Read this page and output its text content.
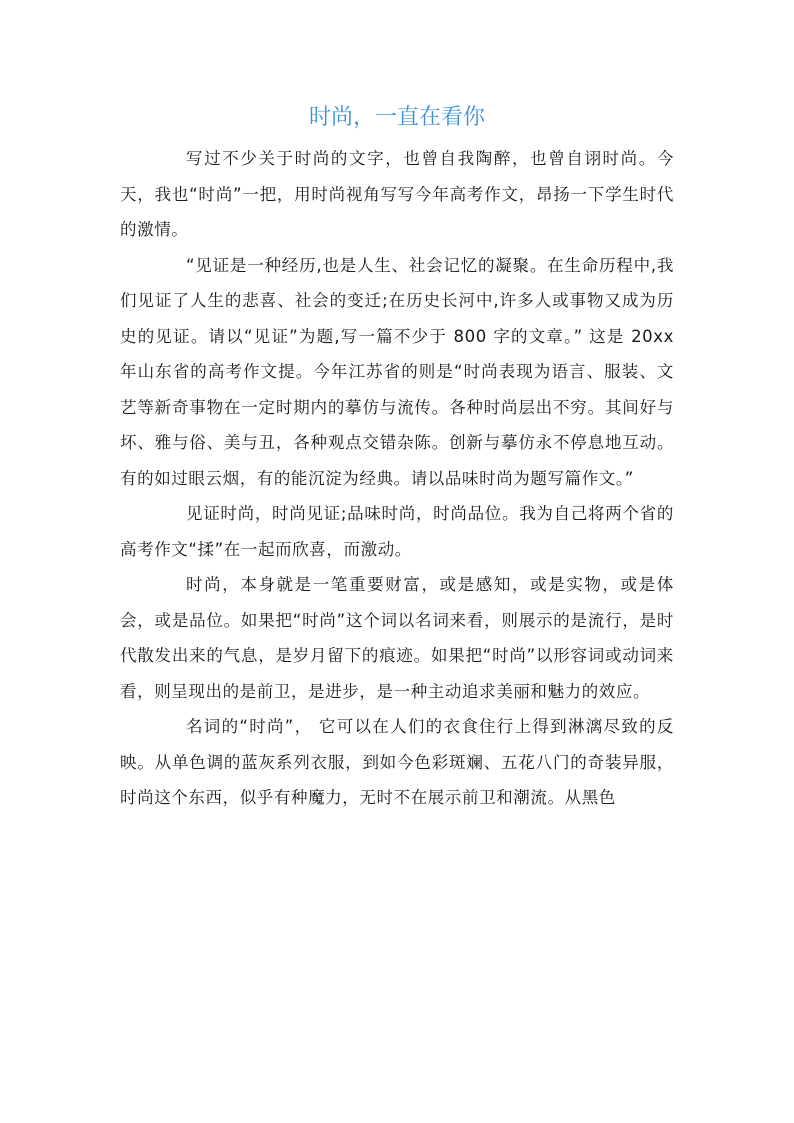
时尚，一直在看你

写过不少关于时尚的文字，也曾自我陶醉，也曾自诩时尚。今天，我也“时尚”一把，用时尚视角写写今年高考作文，昂扬一下学生时代的激情。

“见证是一种经历,也是人生、社会记忆的凝聚。在生命历程中,我们见证了人生的悲喜、社会的变迁;在历史长河中,许多人或事物又成为历史的见证。请以“见证”为题,写一篇不少于 800 字的文章。” 这是 20xx 年山东省的高考作文提。今年江苏省的则是“时尚表现为语言、服装、文艺等新奇事物在一定时期内的摹仿与流传。各种时尚层出不穷。其间好与坏、雅与俗、美与丑，各种观点交错杂陈。创新与摹仿永不停息地互动。有的如过眼云烟，有的能沉淀为经典。请以品味时尚为题写篇作文。”

见证时尚，时尚见证;品味时尚，时尚品位。我为自己将两个省的高考作文“揉”在一起而欣喜，而激动。

时尚，本身就是一笔重要财富，或是感知，或是实物，或是体会，或是品位。如果把“时尚”这个词以名词来看，则展示的是流行，是时代散发出来的气息，是岁月留下的痕迹。如果把“时尚”以形容词或动词来看，则呈现出的是前卫，是进步，是一种主动追求美丽和魅力的效应。

名词的“时尚”， 它可以在人们的衣食住行上得到淋漓尽致的反映。从单色调的蓝灰系列衣服，到如今色彩斑斓、五花八门的奇装异服，时尚这个东西，似乎有种魔力，无时不在展示前卫和潮流。从黑色
